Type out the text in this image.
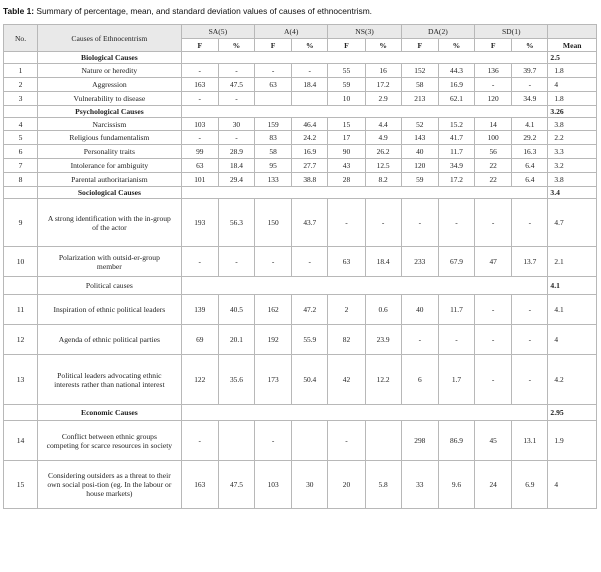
Table 1: Summary of percentage, mean, and standard deviation values of causes of ethnocentrism.
No.	Causes of Ethnocentrism	SA(5)		A(4)		NS(3)		DA(2)		SD(1)		
		F	%	F	%	F	%	F	%	F	%	Mean
	Biological Causes											2.5
1	Nature or heredity	-	-	-	-	55	16	152	44.3	136	39.7	1.8
2	Aggression	163	47.5	63	18.4	59	17.2	58	16.9	-	-	4
3	Vulnerability to disease	-	-			10	2.9	213	62.1	120	34.9	1.8
	Psychological Causes											3.26
4	Narcissism	103	30	159	46.4	15	4.4	52	15.2	14	4.1	3.8
5	Religious fundamentalism	-	-	83	24.2	17	4.9	143	41.7	100	29.2	2.2
6	Personality traits	99	28.9	58	16.9	90	26.2	40	11.7	56	16.3	3.3
7	Intolerance for ambiguity	63	18.4	95	27.7	43	12.5	120	34.9	22	6.4	3.2
8	Parental authoritarianism	101	29.4	133	38.8	28	8.2	59	17.2	22	6.4	3.8
	Sociological Causes											3.4
9	A strong identification with the in-group of the actor	193	56.3	150	43.7	-	-	-	-	-	-	4.7
10	Polarization with outsid-er-group member	-	-	-	-	63	18.4	233	67.9	47	13.7	2.1
	Political causes											4.1
11	Inspiration of ethnic political leaders	139	40.5	162	47.2	2	0.6	40	11.7	-	-	4.1
12	Agenda of ethnic political parties	69	20.1	192	55.9	82	23.9	-	-	-	-	4
13	Political leaders advocating ethnic interests rather than national interest	122	35.6	173	50.4	42	12.2	6	1.7	-	-	4.2
	Economic Causes											2.95
14	Conflict between ethnic groups competing for scarce resources in society	-		-		-		298	86.9	45	13.1	1.9
15	Considering outsiders as a threat to their own social posi-tion (eg. In the labour or house markets)	163	47.5	103	30	20	5.8	33	9.6	24	6.9	4
